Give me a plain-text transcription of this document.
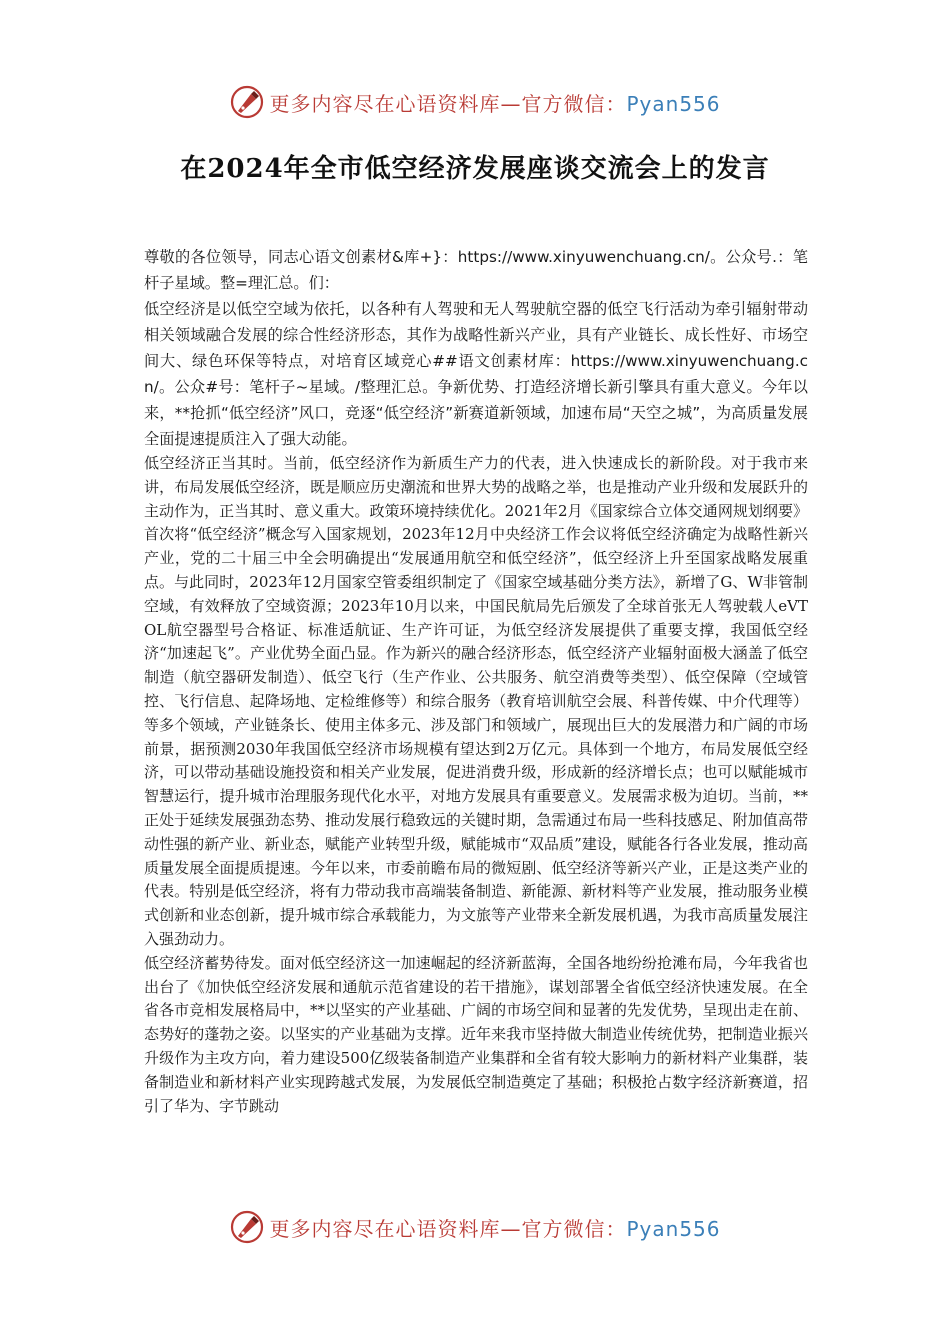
更多内容尽在心语资料库—官方微信：Pyan556
在2024年全市低空经济发展座谈交流会上的发言

尊敬的各位领导，同志心语文创素材&库+}：https://www.xinyuwenchuang.cn/。公众号.：笔杆子星域。整=理汇总。们：

低空经济是以低空空域为依托，以各种有人驾驶和无人驾驶航空器的低空飞行活动为牵引辐射带动相关领域融合发展的综合性经济形态，其作为战略性新兴产业，具有产业链长、成长性好、市场空间大、绿色环保等特点，对培育区域竞心##语文创素材库：https://www.xinyuwenchuang.cn/。公众#号：笔杆子~星域。/整理汇总。争新优势、打造经济增长新引擎具有重大意义。今年以来，**抢抓“低空经济”风口，竞逐“低空经济”新赛道新领域，加速布局“天空之城”，为高质量发展全面提速提质注入了强大动能。

低空经济正当其时。当前，低空经济作为新质生产力的代表，进入快速成长的新阶段。对于我市来讲，布局发展低空经济，既是顺应历史潮流和世界大势的战略之举，也是推动产业升级和发展跃升的主动作为，正当其时、意义重大。政策环境持续优化。2021年2月《国家综合立体交通网规划纲要》首次将“低空经济”概念写入国家规划，2023年12月中央经济工作会议将低空经济确定为战略性新兴产业，党的二十届三中全会明确提出“发展通用航空和低空经济”，低空经济上升至国家战略发展重点。与此同时，2023年12月国家空管委组织制定了《国家空域基础分类方法》，新增了G、W非管制空域，有效释放了空域资源；2023年10月以来，中国民航局先后颁发了全球首张无人驾驶载人eVTOL航空器型号合格证、标准适航证、生产许可证，为低空经济发展提供了重要支撑，我国低空经济“加速起飞”。产业优势全面凸显。作为新兴的融合经济形态，低空经济产业辐射面极大涵盖了低空制造（航空器研发制造）、低空飞行（生产作业、公共服务、航空消费等类型）、低空保障（空域管控、飞行信息、起降场地、定检维修等）和综合服务（教育培训航空会展、科普传媒、中介代理等）等多个领域，产业链条长、使用主体多元、涉及部门和领域广，展现出巨大的发展潜力和广阔的市场前景，据预测2030年我国低空经济市场规模有望达到2万亿元。具体到一个地方，布局发展低空经济，可以带动基础设施投资和相关产业发展，促进消费升级，形成新的经济增长点；也可以赋能城市智慧运行，提升城市治理服务现代化水平，对地方发展具有重要意义。发展需求极为迫切。当前，**正处于延续发展强劲态势、推动发展行稳致远的关键时期，急需通过布局一些科技感足、附加值高带动性强的新产业、新业态，赋能产业转型升级，赋能城市“双品质”建设，赋能各行各业发展，推动高质量发展全面提质提速。今年以来，市委前瞻布局的微短剧、低空经济等新兴产业，正是这类产业的代表。特别是低空经济，将有力带动我市高端装备制造、新能源、新材料等产业发展，推动服务业模式创新和业态创新，提升城市综合承载能力，为文旅等产业带来全新发展机遇，为我市高质量发展注入强劲动力。

低空经济蓄势待发。面对低空经济这一加速崛起的经济新蓝海，全国各地纷纷抢滩布局，今年我省也出台了《加快低空经济发展和通航示范省建设的若干措施》，谋划部署全省低空经济快速发展。在全省各市竞相发展格局中，**以坚实的产业基础、广阔的市场空间和显著的先发优势，呈现出走在前、态势好的蓬勃之姿。以坚实的产业基础为支撑。近年来我市坚持做大制造业传统优势，把制造业振兴升级作为主攻方向，着力建设500亿级装备制造产业集群和全省有较大影响力的新材料产业集群，装备制造业和新材料产业实现跨越式发展，为发展低空制造奠定了基础；积极抢占数字经济新赛道，招引了华为、字节跳动

更多内容尽在心语资料库—官方微信：Pyan556
